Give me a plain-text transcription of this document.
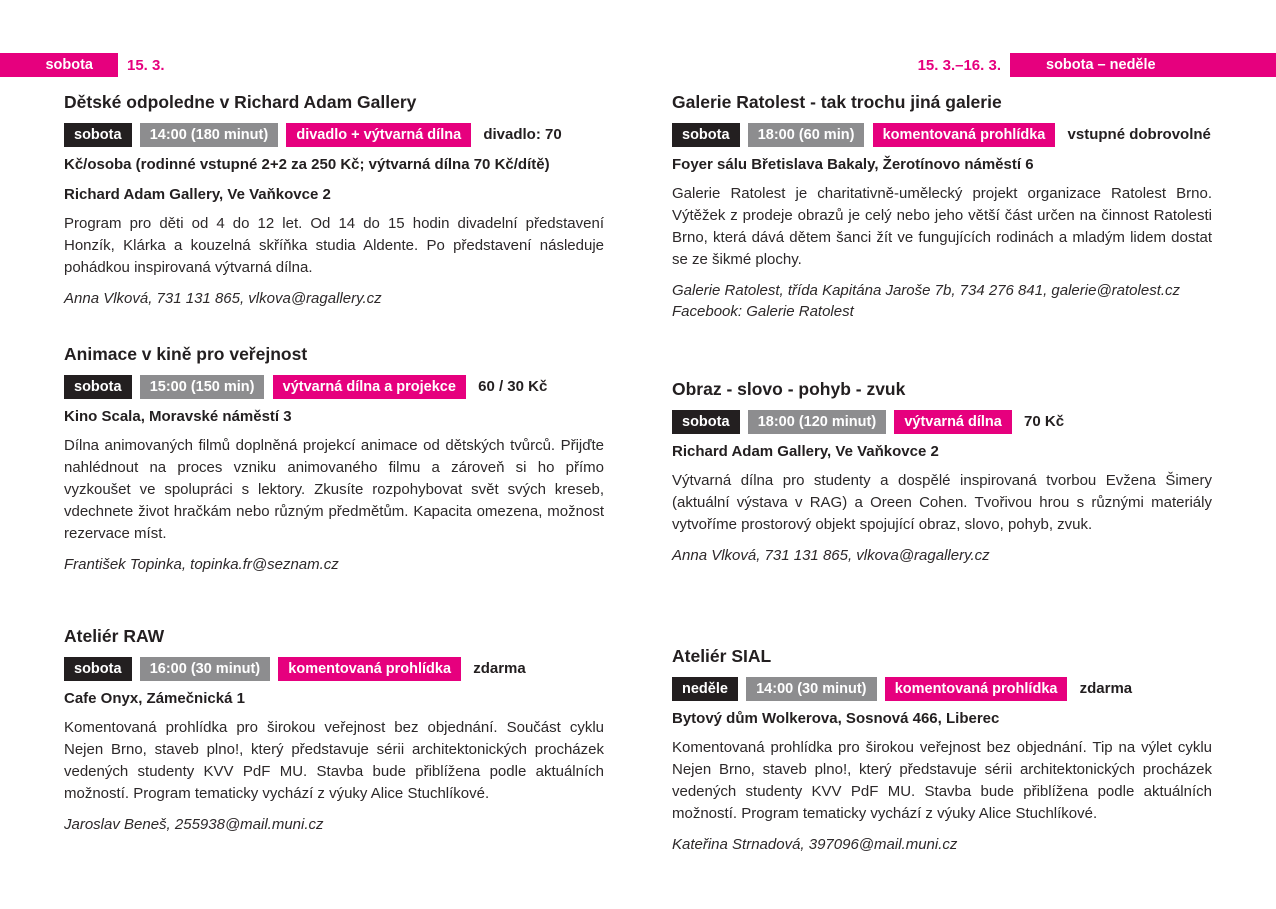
sobota	15. 3.	15. 3.–16. 3.	sobota – neděle
Dětské odpoledne v Richard Adam Gallery

sobota 14:00 (180 minut) divadlo + výtvarná dílna divadlo: 70 Kč/osoba (rodinné vstupné 2+2 za 250 Kč; výtvarná dílna 70 Kč/dítě)

Richard Adam Gallery, Ve Vaňkovce 2

Program pro děti od 4 do 12 let. Od 14 do 15 hodin divadelní představení Honzík, Klárka a kouzelná skříňka studia Aldente. Po představení následuje pohádkou inspirovaná výtvarná dílna.

Anna Vlková, 731 131 865, vlkova@ragallery.cz

Animace v kině pro veřejnost

sobota 15:00 (150 min) výtvarná dílna a projekce 60 / 30 Kč

Kino Scala, Moravské náměstí 3

Dílna animovaných filmů doplněná projekcí animace od dětských tvůrců. Přijďte nahlédnout na proces vzniku animovaného filmu a zároveň si ho přímo vyzkoušet ve spolupráci s lektory. Zkusíte rozpohybovat svět svých kreseb, vdechnete život hračkám nebo různým předmětům. Kapacita omezena, možnost rezervace míst.

František Topinka, topinka.fr@seznam.cz

Ateliér RAW

sobota 16:00 (30 minut) komentovaná prohlídka zdarma

Cafe Onyx, Zámečnická 1

Komentovaná prohlídka pro širokou veřejnost bez objednání. Součást cyklu Nejen Brno, staveb plno!, který představuje sérii architektonických procházek vedených studenty KVV PdF MU. Stavba bude přiblížena podle aktuálních možností. Program tematicky vychází z výuky Alice Stuchlíkové.

Jaroslav Beneš, 255938@mail.muni.cz

Galerie Ratolest - tak trochu jiná galerie

sobota 18:00 (60 min) komentovaná prohlídka vstupné dobrovolné

Foyer sálu Břetislava Bakaly, Žerotínovo náměstí 6

Galerie Ratolest je charitativně-umělecký projekt organizace Ratolest Brno. Výtěžek z prodeje obrazů je celý nebo jeho větší část určen na činnost Ratolesti Brno, která dává dětem šanci žít ve fungujících rodinách a mladým lidem dostat se ze šikmé plochy.

Galerie Ratolest, třída Kapitána Jaroše 7b, 734 276 841, galerie@ratolest.cz

Facebook: Galerie Ratolest

Obraz - slovo - pohyb - zvuk

sobota 18:00 (120 minut) výtvarná dílna 70 Kč

Richard Adam Gallery, Ve Vaňkovce 2

Výtvarná dílna pro studenty a dospělé inspirovaná tvorbou Evžena Šimery (aktuální výstava v RAG) a Oreen Cohen. Tvořivou hrou s různými materiály vytvoříme prostorový objekt spojující obraz, slovo, pohyb, zvuk.

Anna Vlková, 731 131 865, vlkova@ragallery.cz

Ateliér SIAL

neděle 14:00 (30 minut) komentovaná prohlídka zdarma

Bytový dům Wolkerova, Sosnová 466, Liberec

Komentovaná prohlídka pro širokou veřejnost bez objednání. Tip na výlet cyklu Nejen Brno, staveb plno!, který představuje sérii architektonických procházek vedených studenty KVV PdF MU. Stavba bude přiblížena podle aktuálních možností. Program tematicky vychází z výuky Alice Stuchlíkové.

Kateřina Strnadová, 397096@mail.muni.cz
